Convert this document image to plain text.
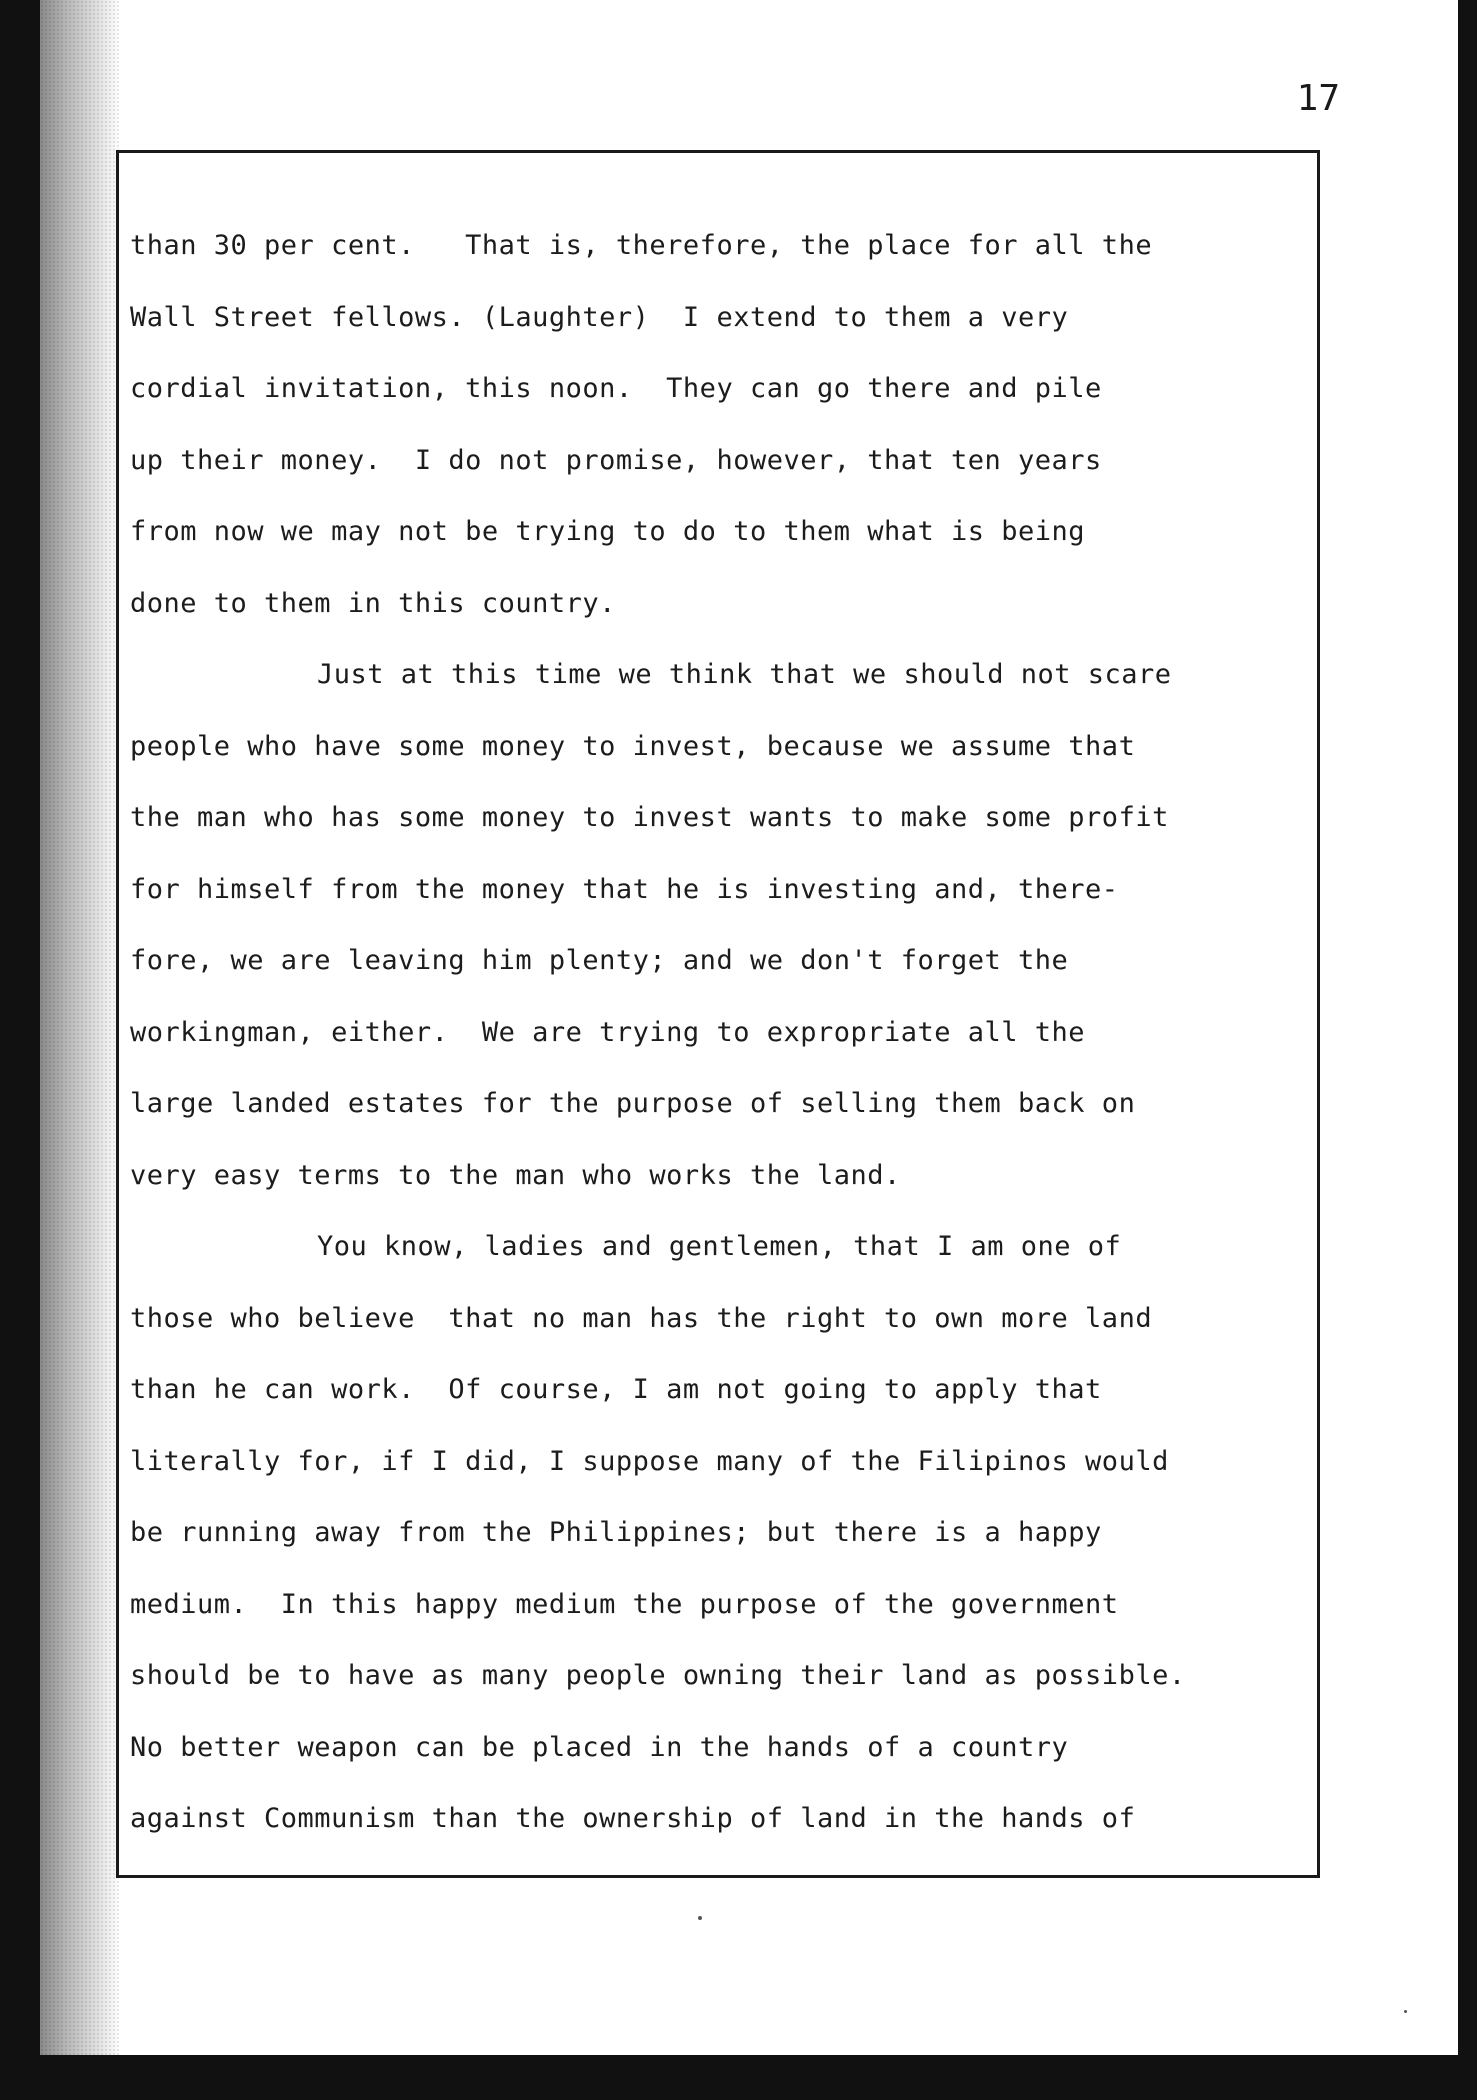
17

than 30 per cent.   That is, therefore, the place for all the
Wall Street fellows. (Laughter)  I extend to them a very
cordial invitation, this noon.  They can go there and pile
up their money.  I do not promise, however, that ten years
from now we may not be trying to do to them what is being
done to them in this country.
Just at this time we think that we should not scare
people who have some money to invest, because we assume that
the man who has some money to invest wants to make some profit
for himself from the money that he is investing and, there-
fore, we are leaving him plenty; and we don't forget the
workingman, either.  We are trying to expropriate all the
large landed estates for the purpose of selling them back on
very easy terms to the man who works the land.
You know, ladies and gentlemen, that I am one of
those who believe  that no man has the right to own more land
than he can work.  Of course, I am not going to apply that
literally for, if I did, I suppose many of the Filipinos would
be running away from the Philippines; but there is a happy
medium.  In this happy medium the purpose of the government
should be to have as many people owning their land as possible.
No better weapon can be placed in the hands of a country
against Communism than the ownership of land in the hands of
